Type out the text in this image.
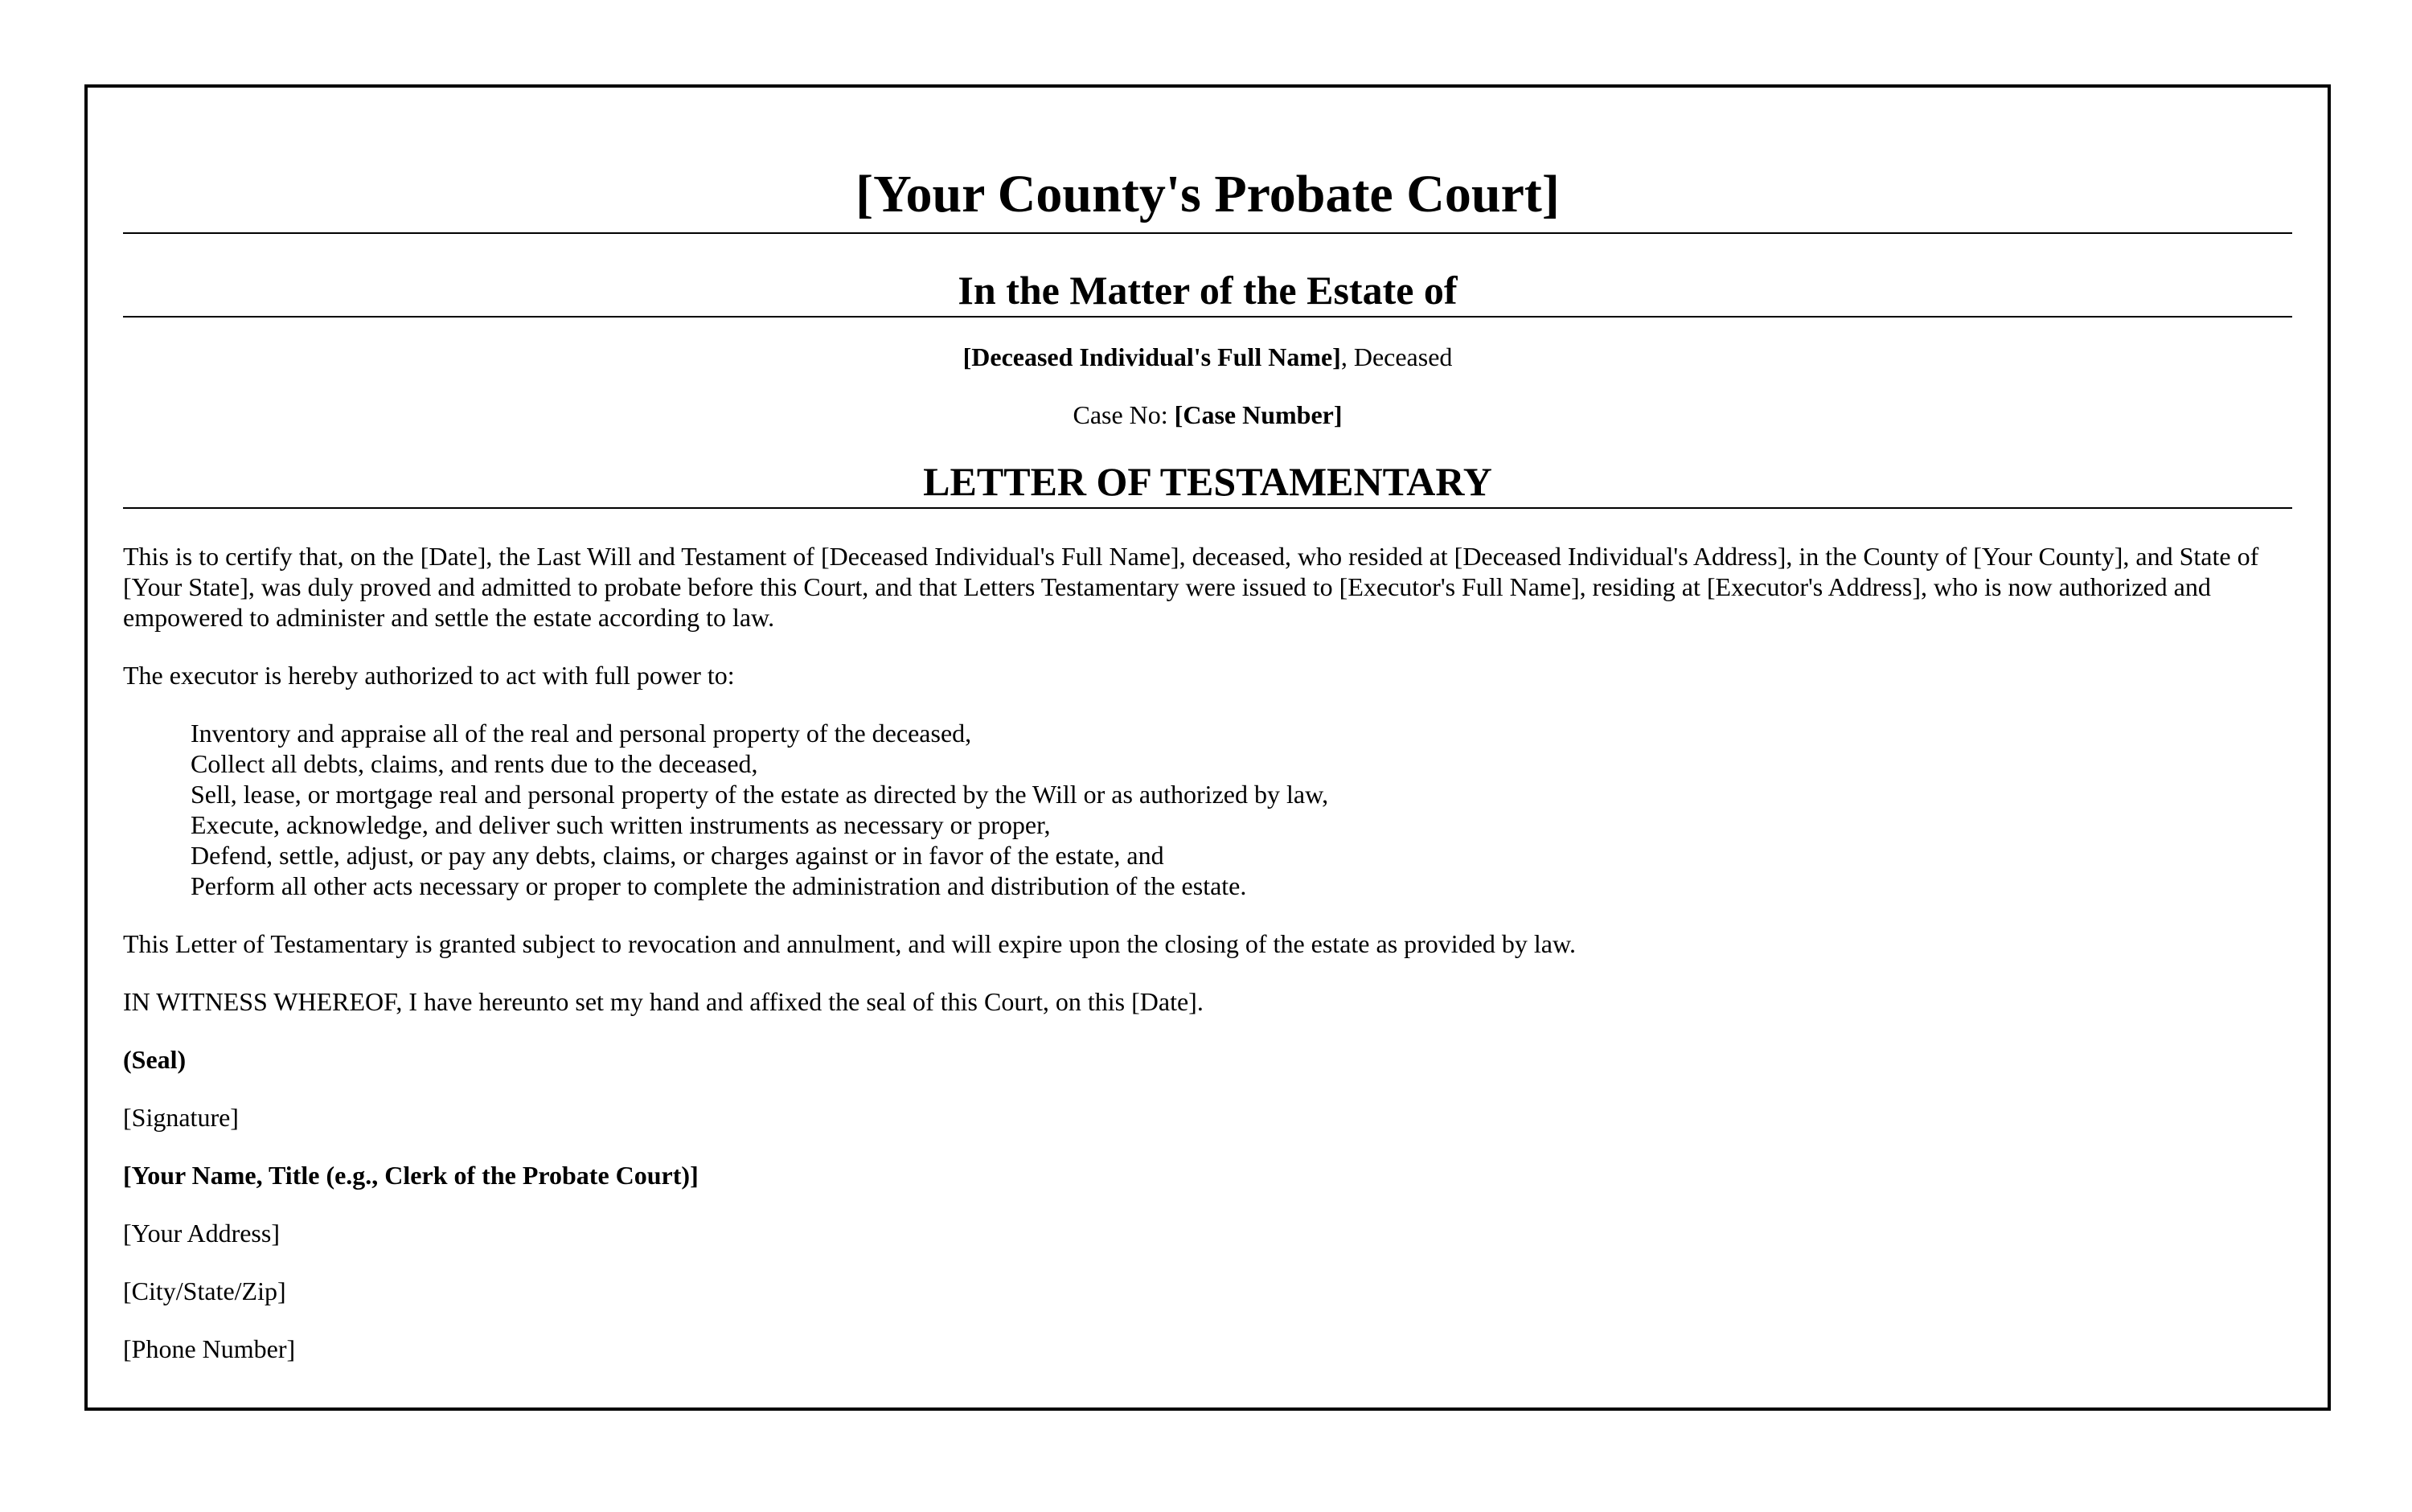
[Your County's Probate Court]
In the Matter of the Estate of

[Deceased Individual's Full Name], Deceased

Case No: [Case Number]

LETTER OF TESTAMENTARY

This is to certify that, on the [Date], the Last Will and Testament of [Deceased Individual's Full Name], deceased, who resided at [Deceased Individual's Address], in the County of [Your County], and State of [Your State], was duly proved and admitted to probate before this Court, and that Letters Testamentary were issued to [Executor's Full Name], residing at [Executor's Address], who is now authorized and empowered to administer and settle the estate according to law.

The executor is hereby authorized to act with full power to:

Inventory and appraise all of the real and personal property of the deceased,
Collect all debts, claims, and rents due to the deceased,
Sell, lease, or mortgage real and personal property of the estate as directed by the Will or as authorized by law,
Execute, acknowledge, and deliver such written instruments as necessary or proper,
Defend, settle, adjust, or pay any debts, claims, or charges against or in favor of the estate, and
Perform all other acts necessary or proper to complete the administration and distribution of the estate.

This Letter of Testamentary is granted subject to revocation and annulment, and will expire upon the closing of the estate as provided by law.

IN WITNESS WHEREOF, I have hereunto set my hand and affixed the seal of this Court, on this [Date].

(Seal)

[Signature]

[Your Name, Title (e.g., Clerk of the Probate Court)]

[Your Address]

[City/State/Zip]

[Phone Number]
